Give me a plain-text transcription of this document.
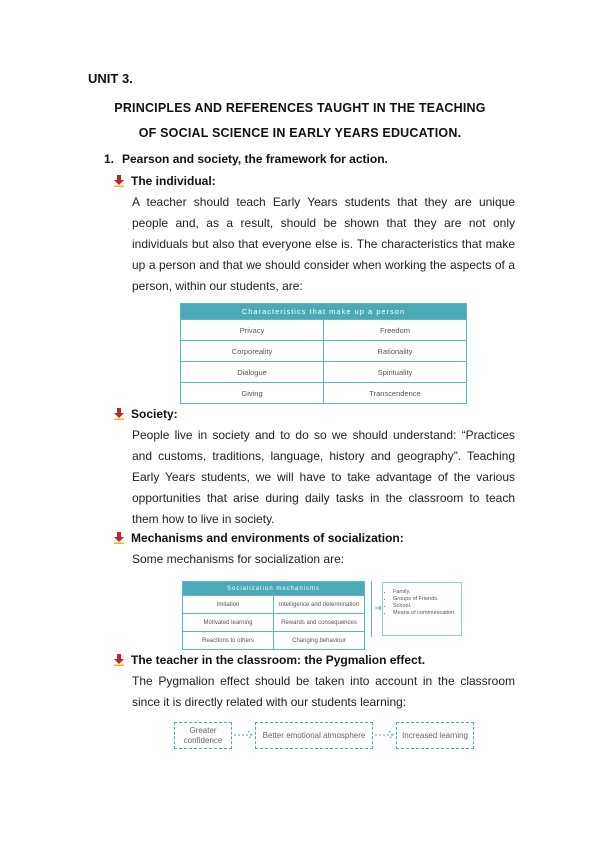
UNIT 3.
PRINCIPLES AND REFERENCES TAUGHT IN THE TEACHING
OF SOCIAL SCIENCE IN EARLY YEARS EDUCATION.
1. Pearson and society, the framework for action.
The individual:
A teacher should teach Early Years students that they are unique people and, as a result, should be shown that they are not only individuals but also that everyone else is. The characteristics that make up a person and that we should consider when working the aspects of a person, within our students, are:
Characteristics that make up a person	
Privacy	Freedom
Corporeality	Rationality
Dialogue	Spirituality
Giving	Transcendence
Society:
People live in society and to do so we should understand: “Practices and customs, traditions, language, history and geography”. Teaching Early Years students, we will have to take advantage of the various opportunities that arise during daily tasks in the classroom to teach them how to live in society.
Mechanisms and environments of socialization:
Some mechanisms for socialization are:
Socialization mechanisms	
Imitation	Intelligence and determination
Motivated learning	Rewards and consequences
Reactions to others	Changing behaviour
• Family.
• Groups of Friends.
• School.
• Means of communication.
The teacher in the classroom: the Pygmalion effect.
The Pygmalion effect should be taken into account in the classroom since it is directly related with our students learning:
Greater confidence
Better emotional atmosphere	Increased learning
